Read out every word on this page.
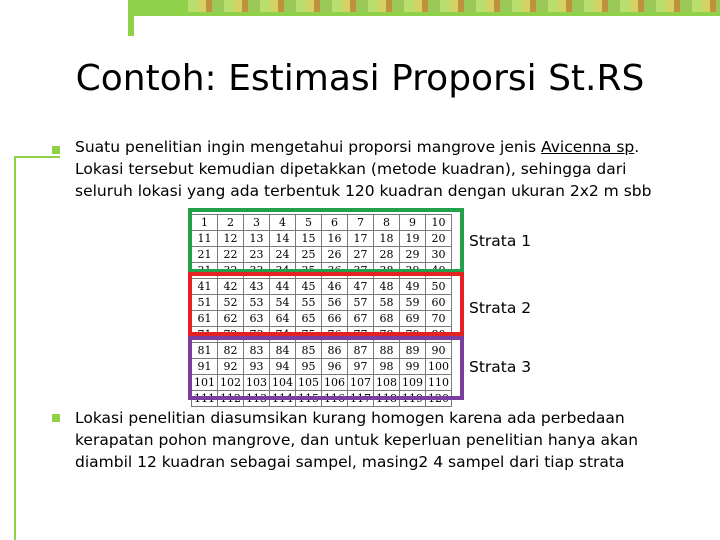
Contoh: Estimasi Proporsi St.RS
Suatu penelitian ingin mengetahui proporsi mangrove jenis Avicenna sp. Lokasi tersebut kemudian dipetakkan (metode kuadran), sehingga dari seluruh lokasi yang ada terbentuk 120 kuadran dengan ukuran 2x2 m sbb
1	2	3	4	5	6	7	8	9	10
11	12	13	14	15	16	17	18	19	20
21	22	23	24	25	26	27	28	29	30
31	32	33	34	35	36	37	38	39	40
41	42	43	44	45	46	47	48	49	50
51	52	53	54	55	56	57	58	59	60
61	62	63	64	65	66	67	68	69	70
71	72	73	74	75	76	77	78	79	80
81	82	83	84	85	86	87	88	89	90
91	92	93	94	95	96	97	98	99	100
101	102	103	104	105	106	107	108	109	110
111	112	113	114	115	116	117	118	119	120
Strata 1
Strata 2
Strata 3
Lokasi penelitian diasumsikan kurang homogen karena ada perbedaan kerapatan pohon mangrove, dan untuk keperluan penelitian hanya akan diambil 12 kuadran sebagai sampel, masing2 4 sampel dari tiap strata
